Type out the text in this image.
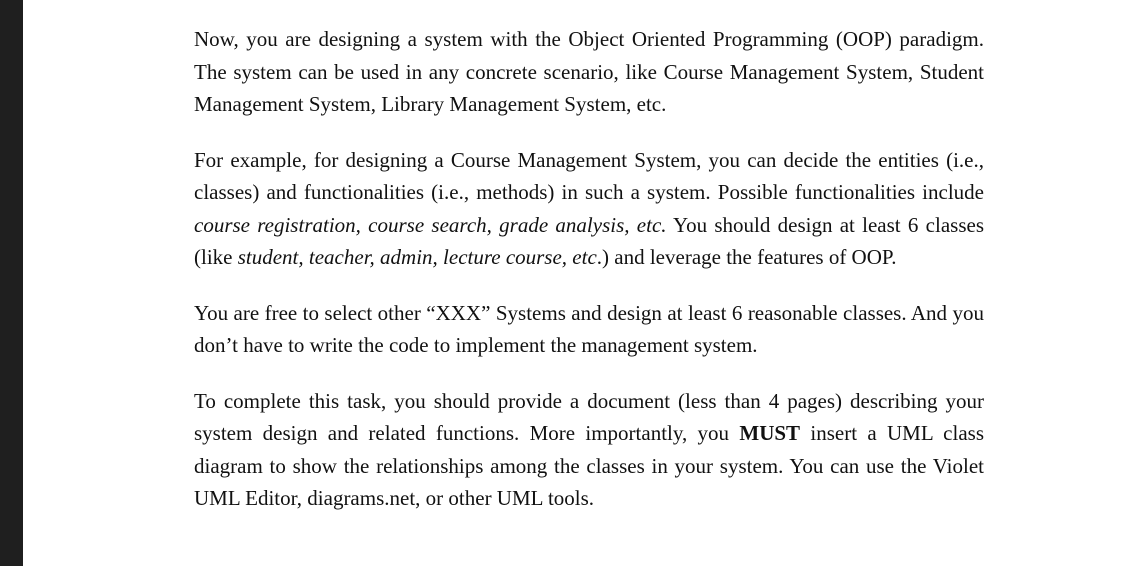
Now, you are designing a system with the Object Oriented Programming (OOP) paradigm. The system can be used in any concrete scenario, like Course Management System, Student Management System, Library Management System, etc.

For example, for designing a Course Management System, you can decide the entities (i.e., classes) and functionalities (i.e., methods) in such a system. Possible functionalities include course registration, course search, grade analysis, etc. You should design at least 6 classes (like student, teacher, admin, lecture course, etc.) and leverage the features of OOP.

You are free to select other “XXX” Systems and design at least 6 reasonable classes. And you don’t have to write the code to implement the management system.

To complete this task, you should provide a document (less than 4 pages) describing your system design and related functions. More importantly, you MUST insert a UML class diagram to show the relationships among the classes in your system. You can use the Violet UML Editor, diagrams.net, or other UML tools.
